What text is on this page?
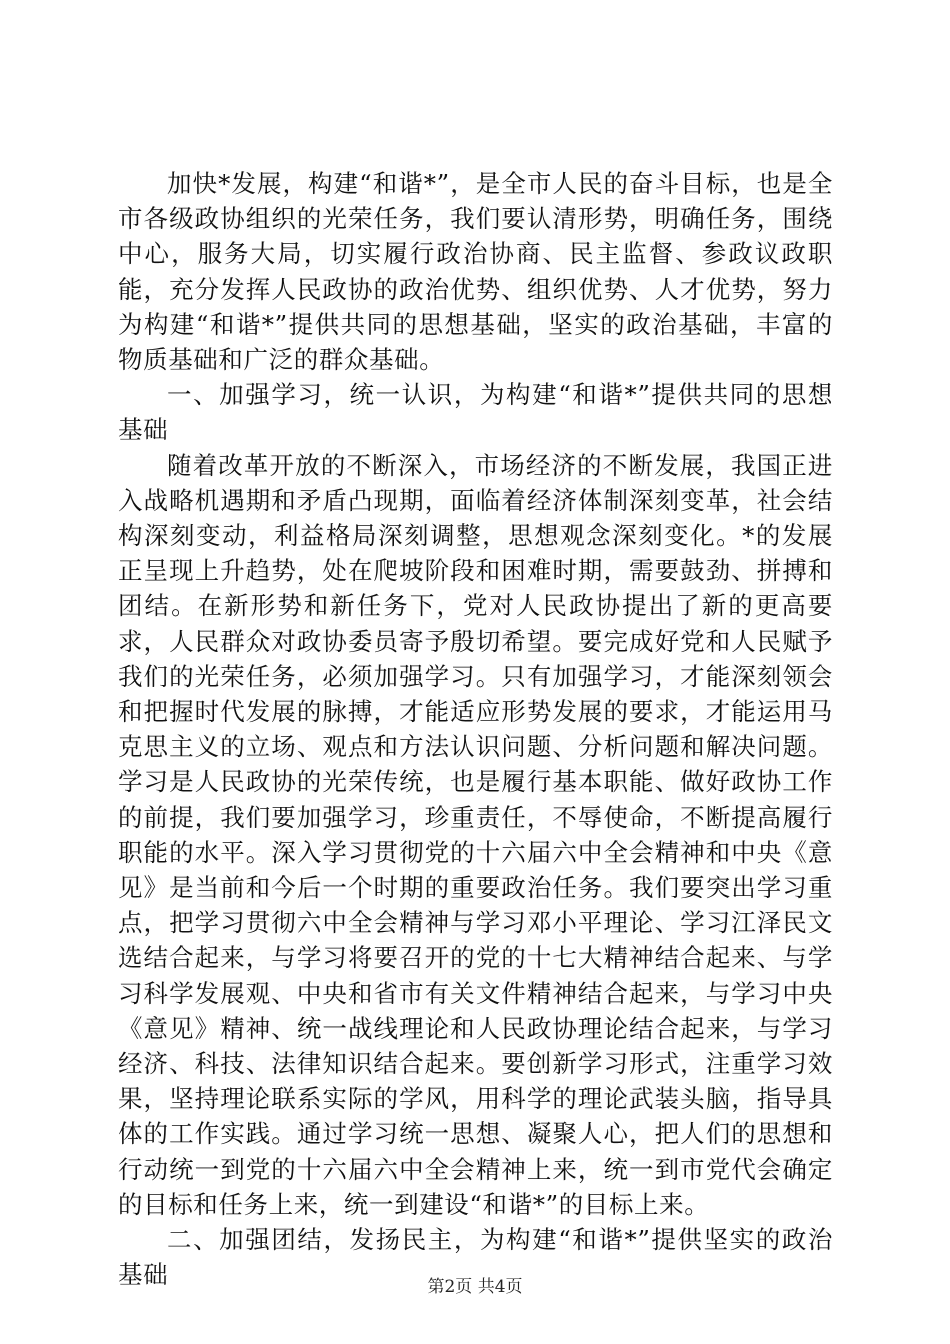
加快*发展，构建“和谐*”，是全市人民的奋斗目标，也是全市各级政协组织的光荣任务，我们要认清形势，明确任务，围绕中心，服务大局，切实履行政治协商、民主监督、参政议政职能，充分发挥人民政协的政治优势、组织优势、人才优势，努力为构建“和谐*”提供共同的思想基础，坚实的政治基础，丰富的物质基础和广泛的群众基础。

一、加强学习，统一认识，为构建“和谐*”提供共同的思想基础

随着改革开放的不断深入，市场经济的不断发展，我国正进入战略机遇期和矛盾凸现期，面临着经济体制深刻变革，社会结构深刻变动，利益格局深刻调整，思想观念深刻变化。*的发展正呈现上升趋势，处在爬坡阶段和困难时期，需要鼓劲、拼搏和团结。在新形势和新任务下，党对人民政协提出了新的更高要求，人民群众对政协委员寄予殷切希望。要完成好党和人民赋予我们的光荣任务，必须加强学习。只有加强学习，才能深刻领会和把握时代发展的脉搏，才能适应形势发展的要求，才能运用马克思主义的立场、观点和方法认识问题、分析问题和解决问题。学习是人民政协的光荣传统，也是履行基本职能、做好政协工作的前提，我们要加强学习，珍重责任，不辱使命，不断提高履行职能的水平。深入学习贯彻党的十六届六中全会精神和中央《意见》是当前和今后一个时期的重要政治任务。我们要突出学习重点，把学习贯彻六中全会精神与学习邓小平理论、学习江泽民文选结合起来，与学习将要召开的党的十七大精神结合起来、与学习科学发展观、中央和省市有关文件精神结合起来，与学习中央《意见》精神、统一战线理论和人民政协理论结合起来，与学习经济、科技、法律知识结合起来。要创新学习形式，注重学习效果，坚持理论联系实际的学风，用科学的理论武装头脑，指导具体的工作实践。通过学习统一思想、凝聚人心，把人们的思想和行动统一到党的十六届六中全会精神上来，统一到市党代会确定的目标和任务上来，统一到建设“和谐*”的目标上来。

二、加强团结，发扬民主，为构建“和谐*”提供坚实的政治基础	第2页 共4页
